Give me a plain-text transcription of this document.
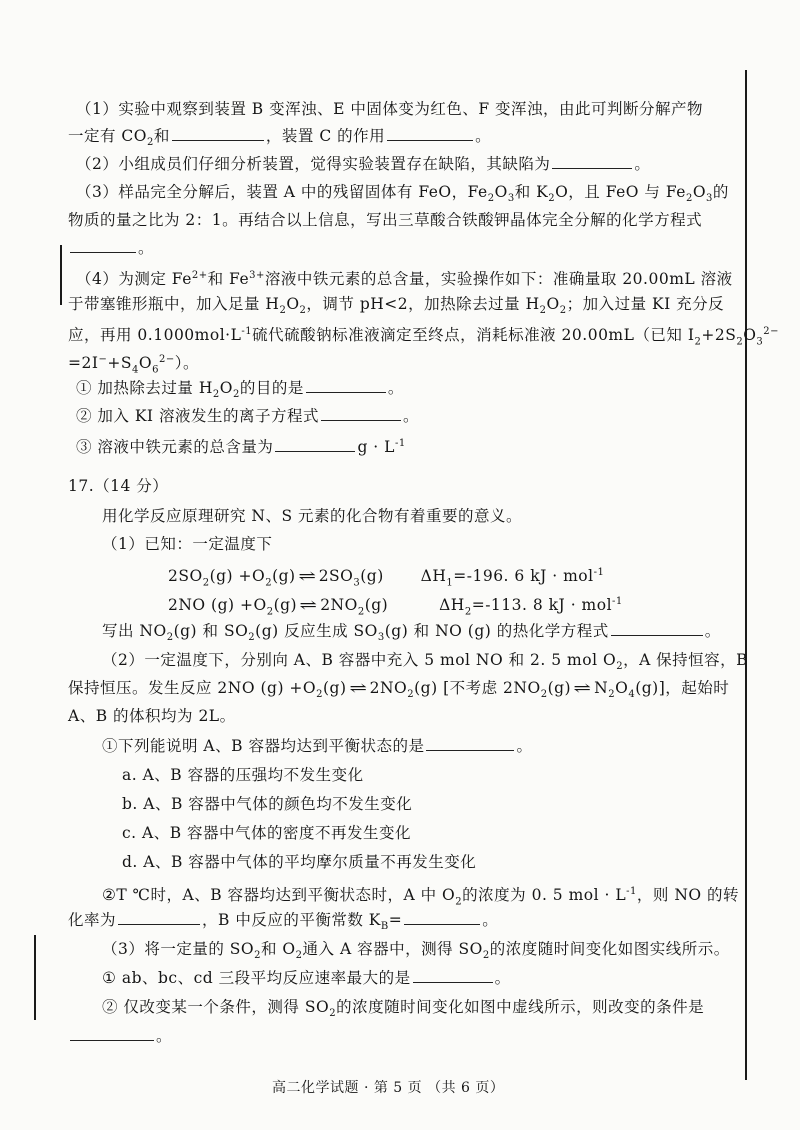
（1）实验中观察到装置 B 变浑浊、E 中固体变为红色、F 变浑浊，由此可判断分解产物
一定有 $CO_2$和	，装置 C 的作用	。
（2）小组成员们仔细分析装置，觉得实验装置存在缺陷，其缺陷为	。
（3）样品完全分解后，装置 A 中的残留固体有 FeO，$Fe_2O_3$和 $K_2O$，且 FeO 与 $Fe_2O_3$的
物质的量之比为 2：1。再结合以上信息，写出三草酸合铁酸钾晶体完全分解的化学方程式
。
（4）为测定 $Fe^{2+}$和 $Fe^{3+}$溶液中铁元素的总含量，实验操作如下：准确量取 20.00mL 溶液
于带塞锥形瓶中，加入足量 $H_2O_2$，调节 pH<2，加热除去过量 $H_2O_2$；加入过量 KI 充分反
应，再用 $0.1000mol\cdot L^{-1}$硫代硫酸钠标准液滴定至终点，消耗标准液 20.00mL（已知 $I_2+2S_2O_3^{2-}$
$=2I^-+S_4O_6^{2-}$）。
① 加热除去过量 $H_2O_2$的目的是	。
② 加入 KI 溶液发生的离子方程式	。
③ 溶液中铁元素的总含量为	$g \cdot L^{-1}$
17.（14 分）
用化学反应原理研究 N、S 元素的化合物有着重要的意义。
（1）已知：一定温度下
$2SO_2(g) +O_2(g)$ ⇌ $2SO_3(g)$ $\Delta H_1=-196$. 6 kJ · mol$^{-1}$
2NO $(g) +O_2(g)$ ⇌ $2NO_2(g)$	$\Delta H_2=-113$. 8 kJ · mol$^{-1}$
写出 $NO_2(g)$ 和 $SO_2(g)$ 反应生成 $SO_3(g)$ 和 NO (g) 的热化学方程式	。
（2）一定温度下，分别向 A、B 容器中充入 5 mol NO 和 2. 5 mol $O_2$，A 保持恒容，B
保持恒压。发生反应 2NO $(g) +O_2(g)$ ⇌ $2NO_2(g)$ [不考虑 $2NO_2(g)$ ⇌ $N_2O_4(g)$]，起始时
A、B 的体积均为 2L。
①下列能说明 A、B 容器均达到平衡状态的是	。
a. A、B 容器的压强均不发生变化
b. A、B 容器中气体的颜色均不发生变化
c. A、B 容器中气体的密度不再发生变化
d. A、B 容器中气体的平均摩尔质量不再发生变化
②T ℃时，A、B 容器均达到平衡状态时，A 中 $O_2$的浓度为 0. 5 mol · $L^{-1}$，则 NO 的转
化率为	，B 中反应的平衡常数 $K_B=$	。
（3）将一定量的 $SO_2$和 $O_2$通入 A 容器中，测得 $SO_2$的浓度随时间变化如图实线所示。
① ab、bc、cd 三段平均反应速率最大的是	。
② 仅改变某一个条件，测得 $SO_2$的浓度随时间变化如图中虚线所示，则改变的条件是
。
高二化学试题 · 第 5 页 （共 6 页）
